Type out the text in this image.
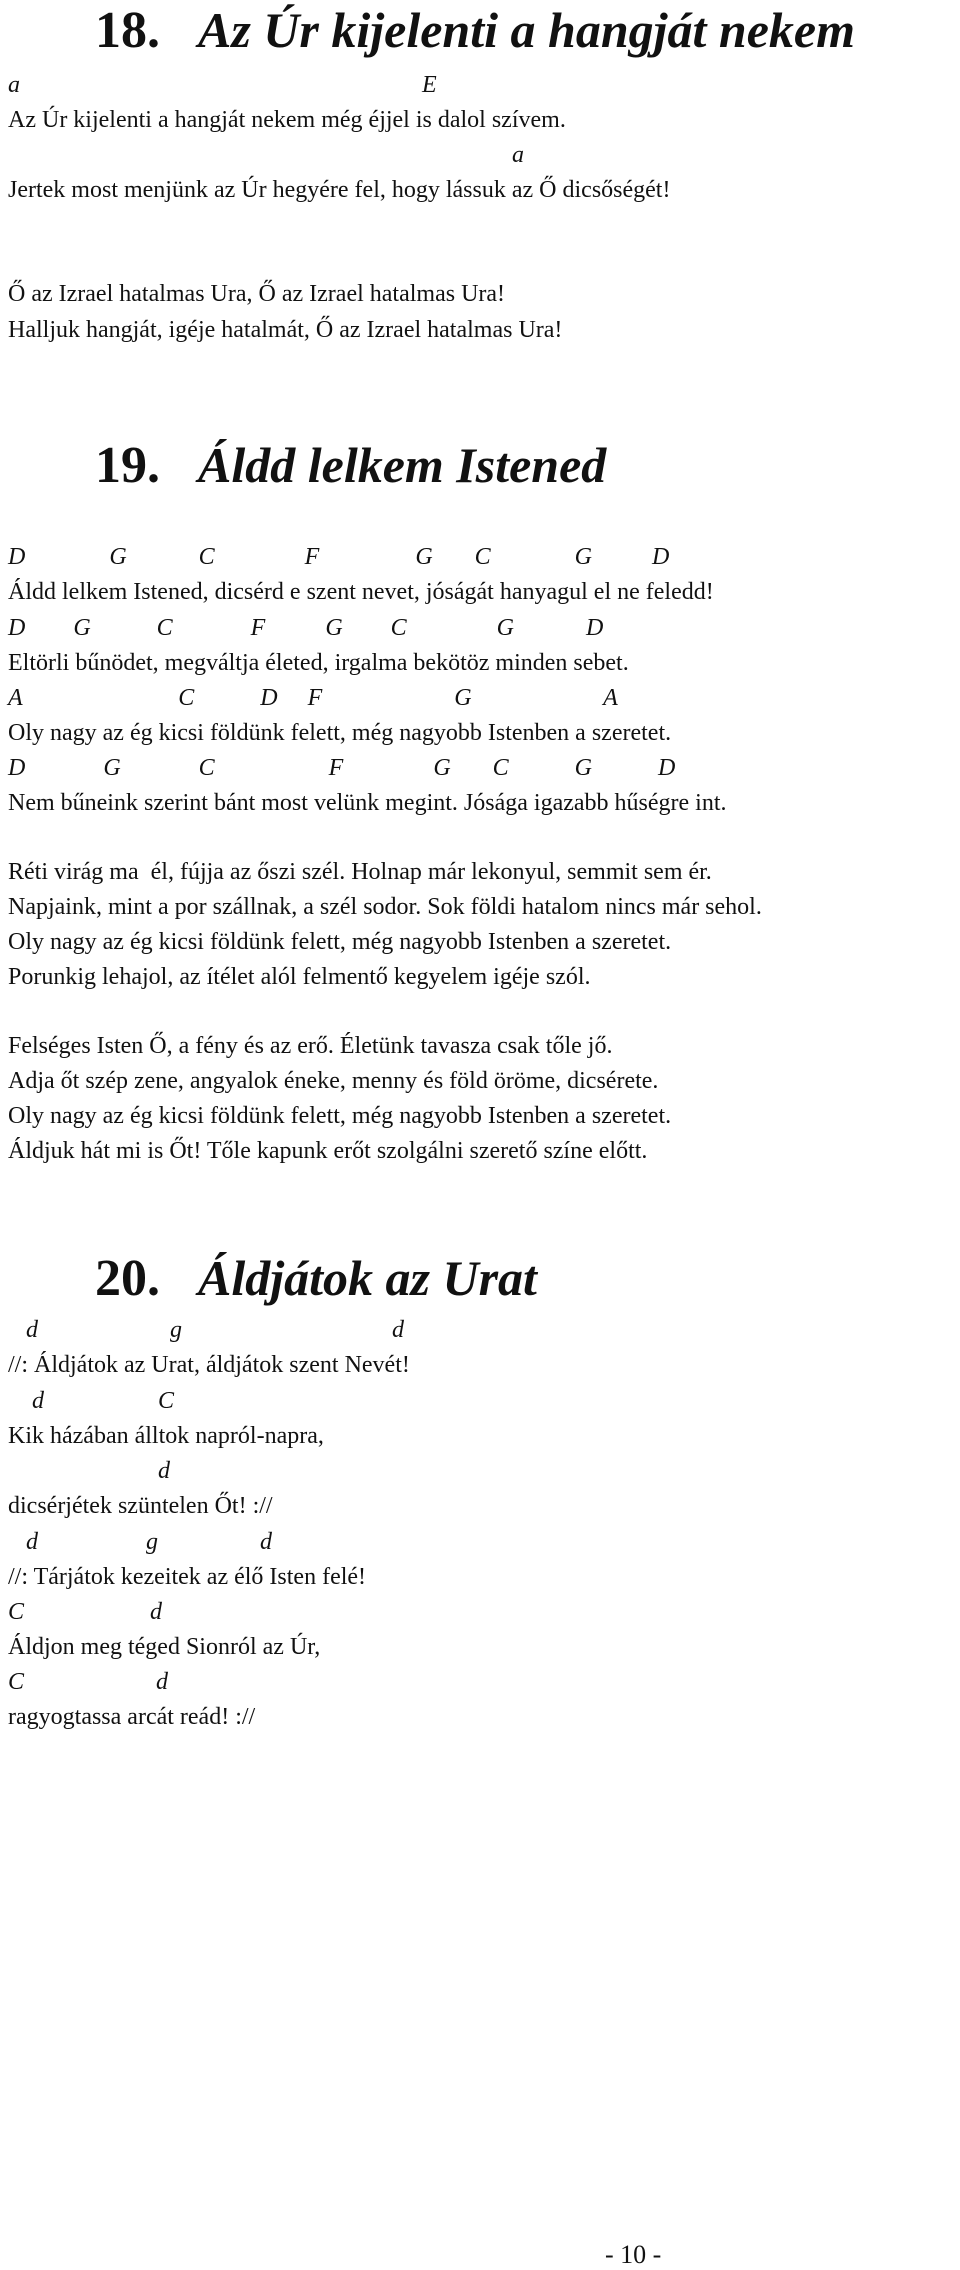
18. Az Úr kijelenti a hangját nekem

a                                                                   E

Az Úr kijelenti a hangját nekem még éjjel is dalol szívem.

a

Jertek most menjünk az Úr hegyére fel, hogy lássuk az Ő dicsőségét!

Ő az Izrael hatalmas Ura, Ő az Izrael hatalmas Ura!

Halljuk hangját, igéje hatalmát, Ő az Izrael hatalmas Ura!

19. Áldd lelkem Istened

D              G            C               F                G       C              G          D

Áldd lelkem Istened, dicsérd e szent nevet, jóságát hanyagul el ne feledd!

D        G           C             F          G        C               G            D

Eltörli bűnödet, megváltja életed, irgalma bekötöz minden sebet.

A                          C           D     F                      G                      A

Oly nagy az ég kicsi földünk felett, még nagyobb Istenben a szeretet.

D             G             C                   F               G       C           G           D

Nem bűneink szerint bánt most velünk megint. Jósága igazabb hűségre int.

Réti virág ma  él, fújja az őszi szél. Holnap már lekonyul, semmit sem ér.

Napjaink, mint a por szállnak, a szél sodor. Sok földi hatalom nincs már sehol.

Oly nagy az ég kicsi földünk felett, még nagyobb Istenben a szeretet.

Porunkig lehajol, az ítélet alól felmentő kegyelem igéje szól.

Felséges Isten Ő, a fény és az erő. Életünk tavasza csak tőle jő.

Adja őt szép zene, angyalok éneke, menny és föld örömе, dicsérete.

Oly nagy az ég kicsi földünk felett, még nagyobb Istenben a szeretet.

Áldjuk hát mi is Őt! Tőle kapunk erőt szolgálni szerető színe előtt.

20. Áldjátok az Urat

d                      g                                   d

//: Áldjátok az Urat, áldjátok szent Nevét!

d                   C

Kik házában álltok napról-napra,

d

dicsérjétek szüntelen Őt! ://

d                  g                 d

//: Tárjátok kezeitek az élő Isten felé!

C                     d

Áldjon meg téged Sionról az Úr,

C                      d

ragyogtassa arcát reád! ://

- 10 -
